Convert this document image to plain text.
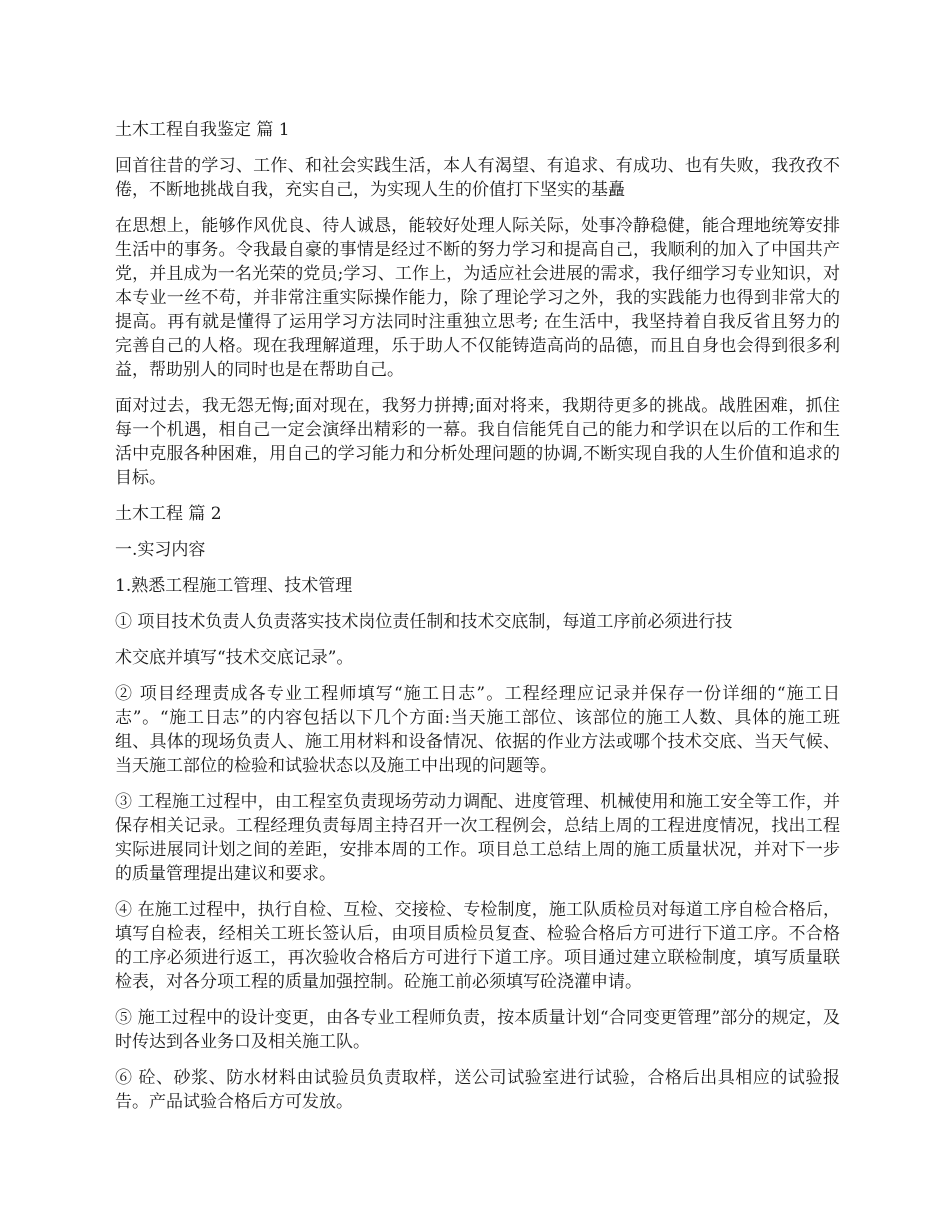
土木工程自我鉴定 篇 1

回首往昔的学习、工作、和社会实践生活，本人有渴望、有追求、有成功、也有失败，我孜孜不倦，不断地挑战自我，充实自己，为实现人生的价值打下坚实的基矗

在思想上，能够作风优良、待人诚恳，能较好处理人际关际，处事冷静稳健，能合理地统筹安排生活中的事务。令我最自豪的事情是经过不断的努力学习和提高自己，我顺利的加入了中国共产党，并且成为一名光荣的党员;学习、工作上，为适应社会进展的需求，我仔细学习专业知识，对本专业一丝不苟，并非常注重实际操作能力，除了理论学习之外，我的实践能力也得到非常大的提高。再有就是懂得了运用学习方法同时注重独立思考; 在生活中，我坚持着自我反省且努力的完善自己的人格。现在我理解道理，乐于助人不仅能铸造高尚的品德，而且自身也会得到很多利益，帮助别人的同时也是在帮助自己。

面对过去，我无怨无悔;面对现在，我努力拼搏;面对将来，我期待更多的挑战。战胜困难，抓住每一个机遇，相自己一定会演绎出精彩的一幕。我自信能凭自己的能力和学识在以后的工作和生活中克服各种困难，用自己的学习能力和分析处理问题的协调,不断实现自我的人生价值和追求的目标。

土木工程 篇 2

一.实习内容

1.熟悉工程施工管理、技术管理

① 项目技术负责人负责落实技术岗位责任制和技术交底制，每道工序前必须进行技

术交底并填写“技术交底记录”。

② 项目经理责成各专业工程师填写“施工日志”。工程经理应记录并保存一份详细的“施工日志”。“施工日志”的内容包括以下几个方面:当天施工部位、该部位的施工人数、具体的施工班组、具体的现场负责人、施工用材料和设备情况、依据的作业方法或哪个技术交底、当天气候、当天施工部位的检验和试验状态以及施工中出现的问题等。

③ 工程施工过程中，由工程室负责现场劳动力调配、进度管理、机械使用和施工安全等工作，并保存相关记录。工程经理负责每周主持召开一次工程例会，总结上周的工程进度情况，找出工程实际进展同计划之间的差距，安排本周的工作。项目总工总结上周的施工质量状况，并对下一步的质量管理提出建议和要求。

④ 在施工过程中，执行自检、互检、交接检、专检制度，施工队质检员对每道工序自检合格后，填写自检表，经相关工班长签认后，由项目质检员复查、检验合格后方可进行下道工序。不合格的工序必须进行返工，再次验收合格后方可进行下道工序。项目通过建立联检制度，填写质量联检表，对各分项工程的质量加强控制。砼施工前必须填写砼浇灌申请。

⑤ 施工过程中的设计变更，由各专业工程师负责，按本质量计划“合同变更管理”部分的规定，及时传达到各业务口及相关施工队。

⑥ 砼、砂浆、防水材料由试验员负责取样，送公司试验室进行试验，合格后出具相应的试验报告。产品试验合格后方可发放。
